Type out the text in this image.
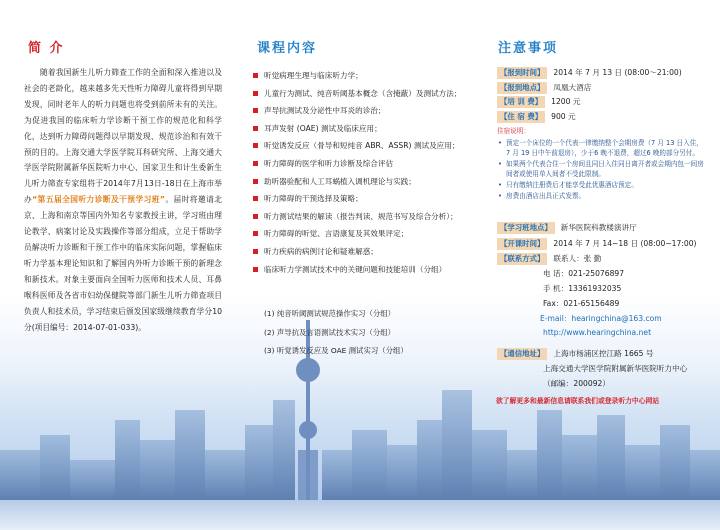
简 介
随着我国新生儿听力筛查工作的全面和深入推进以及社会的老龄化，越来越多先天性听力障碍儿童将得到早期发现，同时老年人的听力问题也将受到前所未有的关注。为促进我国的临床听力学诊断干预工作的规范化和科学化，达到听力障碍问题得以早期发现、规范诊治和有效干预的目的。上海交通大学医学院耳科研究所、上海交通大学医学院附属新华医院听力中心、国家卫生和计生委新生儿听力筛查专家组将于2014年7月13日-18日在上海市举办“第五届全国听力诊断及干预学习班”。届时将邀请北京、上海和南京等国内外知名专家教授主讲，学习班由理论教学、病案讨论及实践操作等部分组成，立足于帮助学员解决听力诊断和干预工作中的临床实际问题，掌握临床听力学基本理论知识和了解国内外听力诊断干预的新理念和新技术。对象主要面向全国听力医师和技术人员、耳鼻喉科医师及各省市妇幼保健院等部门新生儿听力筛查项目负责人和技术员，学习结束后颁发国家级继续教育学分10分(项目编号：2014-07-01-033)。
课程内容
听觉病理生理与临床听力学；
儿童行为测试、纯音听阈基本概念（含掩蔽）及测试方法；
声导抗测试及分泌性中耳炎的诊治；
耳声发射 (OAE) 测试及临床应用；
听觉诱发反应（骨导和短纯音 ABR、ASSR) 测试及应用；
听力障碍的医学和听力诊断及综合评估
助听器验配和人工耳蜗植入调机理论与实践；
听力障碍的干预选择及策略；
听力测试结果的解读（报告判读、规范书写及综合分析）；
听力障碍的听觉、言语康复及其效果评定；
听力疾病的病例讨论和疑难解惑；
临床听力学测试技术中的关键问题和技能培训（分组）
(1) 纯音听阈测试规范操作实习（分组）
(2) 声导抗及言语测试技术实习（分组）
(3) 听觉诱发反应及 OAE 测试实习（分组）
注意事项
【报到时间】 2014 年 7 月 13 日 (08:00～21:00)
【报到地点】 凤凰大酒店
【培 训 费】 1200 元
【住 宿 费】 900 元
住宿说明：
• 预定一个床位的一个代表一律缴纳整个会期房费（7 月 13 日入住，7 月 19 日中午前退房），少于6 晚不退费，超过6 晚的部分另付。
• 如果两个代表合住一个房间且同日入住同日离开者或会期内包一间房间者或使用单人间者不受此限制。
• 只有缴纳注册费后才能享受此优惠酒店预定。
• 房费由酒店出具正式发票。
【学习班地点】 新华医院科教楼演讲厅
【开课时间】 2014 年 7 月 14~18 日 (08:00~17:00)
【联系方式】 联系人：张 勤
电 话：021-25076897
手 机：13361932035
Fax：021-65156489
E-mail：hearingchina@163.com
http://www.hearingchina.net
【通信地址】 上海市杨浦区控江路 1665 号
上海交通大学医学院附属新华医院听力中心
（邮编：200092）
欲了解更多和最新信息请联系我们或登录听力中心网站
